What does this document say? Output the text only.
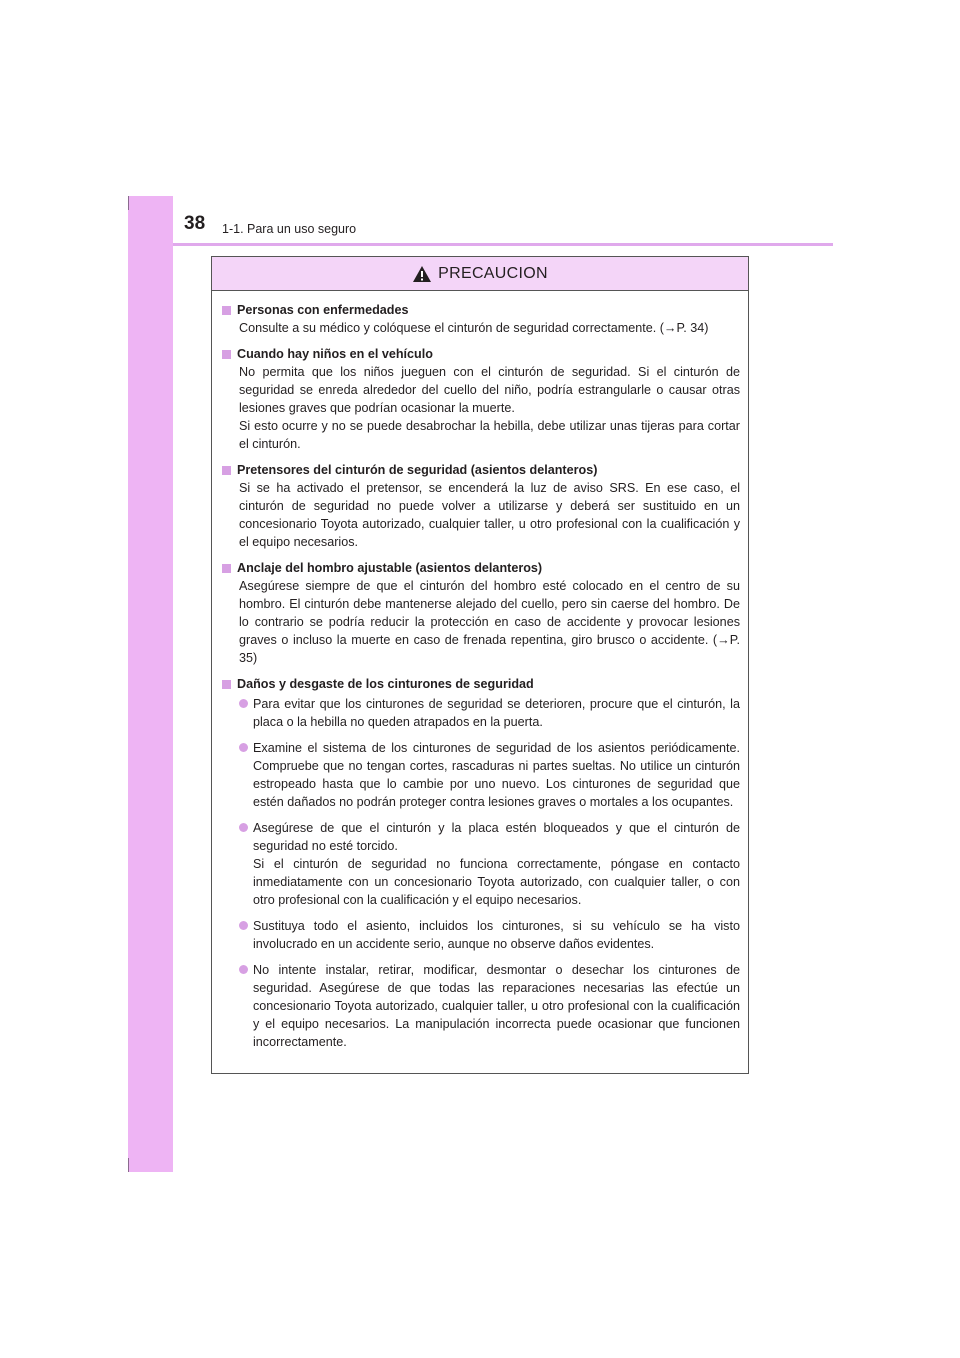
38 1-1. Para un uso seguro
PRECAUCION
Personas con enfermedades
Consulte a su médico y colóquese el cinturón de seguridad correctamente. (→P. 34)
Cuando hay niños en el vehículo
No permita que los niños jueguen con el cinturón de seguridad. Si el cinturón de seguridad se enreda alrededor del cuello del niño, podría estrangularle o causar otras lesiones graves que podrían ocasionar la muerte.
Si esto ocurre y no se puede desabrochar la hebilla, debe utilizar unas tijeras para cortar el cinturón.
Pretensores del cinturón de seguridad (asientos delanteros)
Si se ha activado el pretensor, se encenderá la luz de aviso SRS. En ese caso, el cinturón de seguridad no puede volver a utilizarse y deberá ser sustituido en un concesionario Toyota autorizado, cualquier taller, u otro profesional con la cualificación y el equipo necesarios.
Anclaje del hombro ajustable (asientos delanteros)
Asegúrese siempre de que el cinturón del hombro esté colocado en el centro de su hombro. El cinturón debe mantenerse alejado del cuello, pero sin caerse del hombro. De lo contrario se podría reducir la protección en caso de accidente y provocar lesiones graves o incluso la muerte en caso de frenada repentina, giro brusco o accidente. (→P. 35)
Daños y desgaste de los cinturones de seguridad
Para evitar que los cinturones de seguridad se deterioren, procure que el cinturón, la placa o la hebilla no queden atrapados en la puerta.
Examine el sistema de los cinturones de seguridad de los asientos periódicamente. Compruebe que no tengan cortes, rascaduras ni partes sueltas. No utilice un cinturón estropeado hasta que lo cambie por uno nuevo. Los cinturones de seguridad que estén dañados no podrán proteger contra lesiones graves o mortales a los ocupantes.
Asegúrese de que el cinturón y la placa estén bloqueados y que el cinturón de seguridad no esté torcido.
Si el cinturón de seguridad no funciona correctamente, póngase en contacto inmediatamente con un concesionario Toyota autorizado, con cualquier taller, o con otro profesional con la cualificación y el equipo necesarios.
Sustituya todo el asiento, incluidos los cinturones, si su vehículo se ha visto involucrado en un accidente serio, aunque no observe daños evidentes.
No intente instalar, retirar, modificar, desmontar o desechar los cinturones de seguridad. Asegúrese de que todas las reparaciones necesarias las efectúe un concesionario Toyota autorizado, cualquier taller, u otro profesional con la cualificación y el equipo necesarios. La manipulación incorrecta puede ocasionar que funcionen incorrectamente.
